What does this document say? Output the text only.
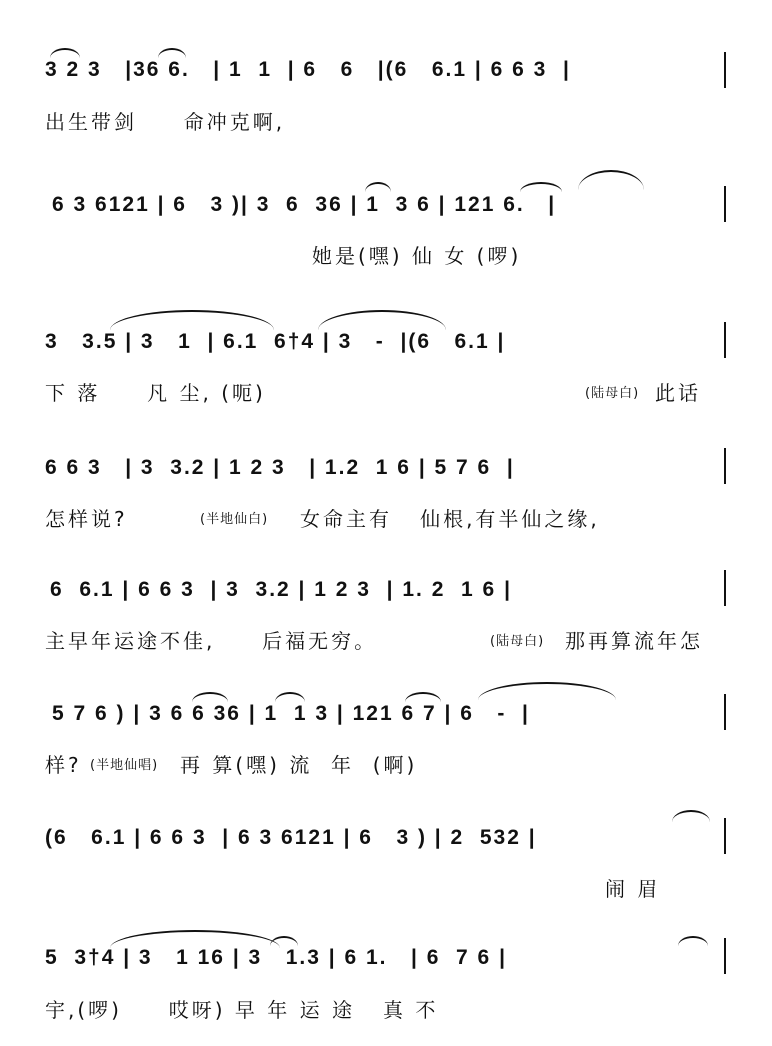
3 2 3   |36 6.   | 1  1  | 6   6   |(6   6.1 | 6 6 3  |
出生带剑     命冲克啊,
6 3 6121 | 6   3 )| 3  6  36 | 1  3 6 | 121 6.   |
她是(嘿) 仙 女 (啰)
3   3.5 | 3   1  | 6.1  6†4 | 3   -  |(6   6.1 |
下 落     凡 尘, (呃)	(陆母白) 此话
6 6 3   | 3  3.2 | 1 2 3   | 1.2  1 6 | 5 7 6  |
怎样说?	(半地仙白)	女命主有   仙根,有半仙之缘,
6  6.1 | 6 6 3  | 3  3.2 | 1 2 3  | 1. 2  1 6 |
主早年运途不佳,     后福无穷。	(陆母白)	那再算流年怎
5 7 6 ) | 3 6 6 36 | 1  1 3 | 121 6 7 | 6   -  |
样? (半地仙唱)	再 算(嘿) 流  年  (啊)
(6   6.1 | 6 6 3  | 6 3 6121 | 6   3 ) | 2  532 |
闹 眉
5  3†4 | 3   1 16 | 3   1.3 | 6 1.   | 6  7 6 |
宇,(啰)     哎呀) 早 年 运 途   真 不
